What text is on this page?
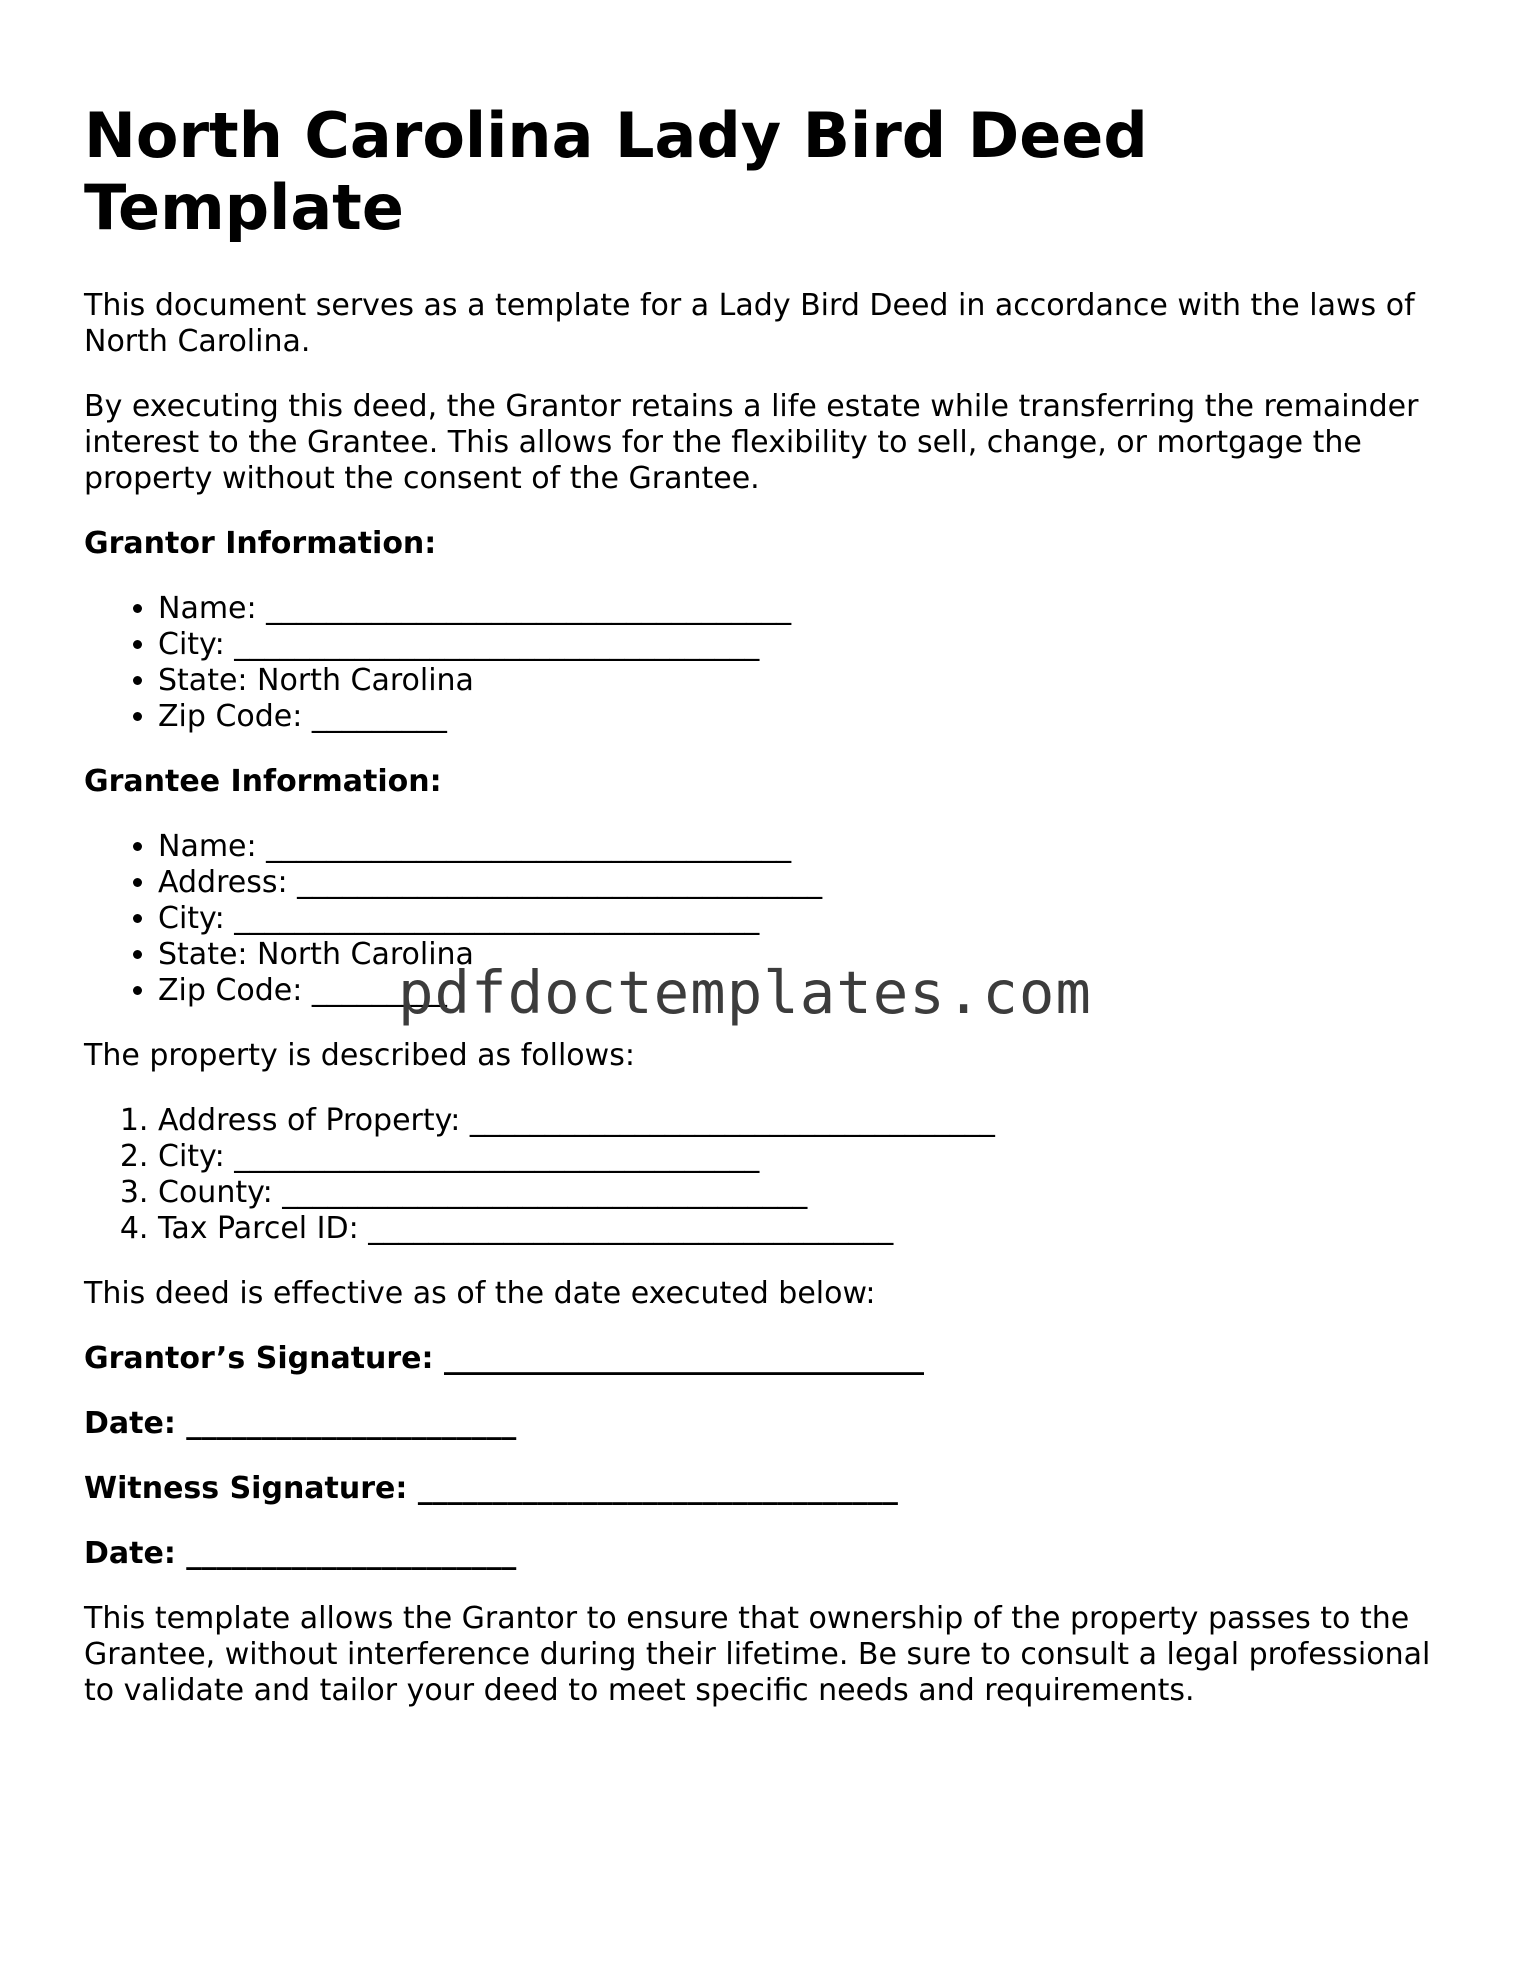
North Carolina Lady Bird Deed Template

This document serves as a template for a Lady Bird Deed in accordance with the laws of North Carolina.

By executing this deed, the Grantor retains a life estate while transferring the remainder interest to the Grantee. This allows for the flexibility to sell, change, or mortgage the property without the consent of the Grantee.

Grantor Information:

• Name: ___________________________________
• City: ___________________________________
• State: North Carolina
• Zip Code: _________

Grantee Information:

• Name: ___________________________________
• Address: ___________________________________
• City: ___________________________________
• State: North Carolina
• Zip Code: _________

The property is described as follows:

1. Address of Property: ___________________________________
2. City: ___________________________________
3. County: ___________________________________
4. Tax Parcel ID: ___________________________________

This deed is effective as of the date executed below:

Grantor’s Signature: ________________________________

Date: ______________________

Witness Signature: ________________________________

Date: ______________________

This template allows the Grantor to ensure that ownership of the property passes to the Grantee, without interference during their lifetime. Be sure to consult a legal professional to validate and tailor your deed to meet specific needs and requirements.

pdfdoctemplates.com
